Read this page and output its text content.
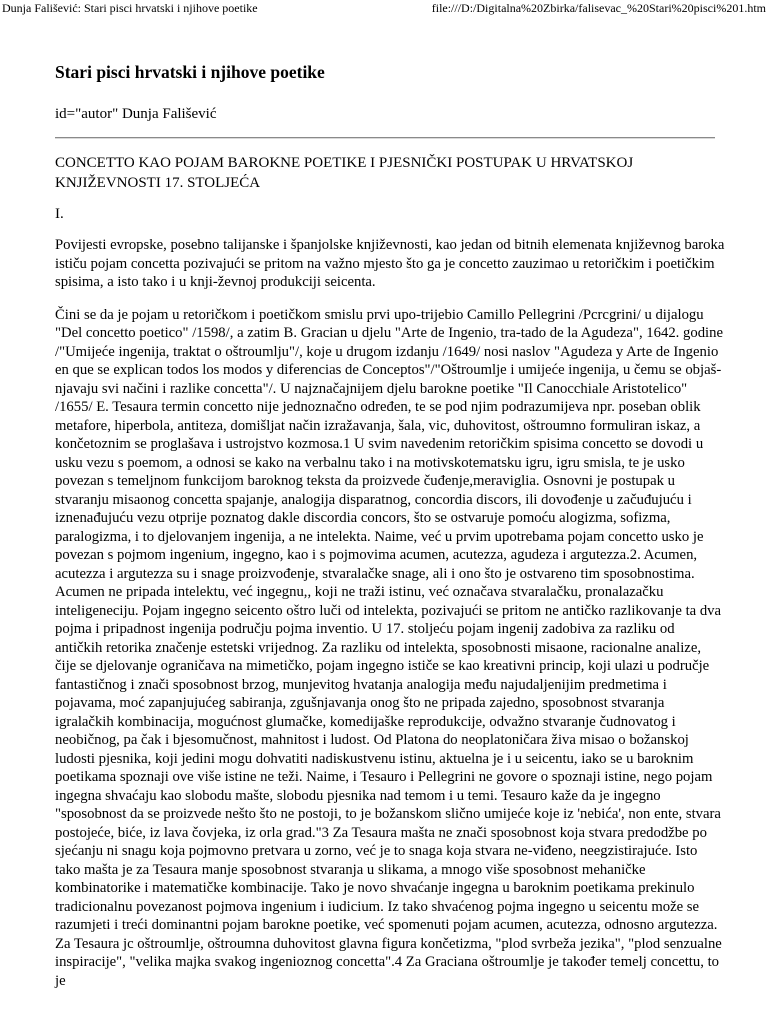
Dunja Fališević: Stari pisci hrvatski i njihove poetike	file:///D:/Digitalna%20Zbirka/falisevac_%20Stari%20pisci%201.htm
Stari pisci hrvatski i njihove poetike
id="autor" Dunja Fališević
CONCETTO KAO POJAM BAROKNE POETIKE I PJESNIČKI POSTUPAK U HRVATSKOJ KNJIŽEVNOSTI 17. STOLJEĆA
I.

Povijesti evropske, posebno talijanske i španjolske književnosti, kao jedan od bitnih elemenata književnog baroka ističu pojam concetta pozivajući se pritom na važno mjesto što ga je concetto zauzimao u retoričkim i poetičkim spisima, a isto tako i u knji-ževnoj produkciji seicenta.

Čini se da je pojam u retoričkom i poetičkom smislu prvi upo-trijebio Camillo Pellegrini /Pcrcgrini/ u dijalogu "Del concetto poetico" /1598/, a zatim B. Gracian u djelu "Arte de Ingenio, tra-tado de la Agudeza", 1642. godine /"Umijeće ingenija, traktat o oštroumlju"/, koje u drugom izdanju /1649/ nosi naslov "Agudeza y Arte de Ingenio en que se explican todos los modos y diferencias de Conceptos"/"Oštroumlje i umijeće ingenija, u čemu se objaš-njavaju svi načini i razlike concetta"/. U najznačajnijem djelu barokne poetike "Il Canocchiale Aristotelico" /1655/ E. Tesaura termin concetto nije jednoznačno određen, te se pod njim podrazumijeva npr. poseban oblik metafore, hiperbola, antiteza, domišljat način izražavanja, šala, vic, duhovitost, oštroumno formuliran iskaz, a končetoznim se proglašava i ustrojstvo kozmosa.1 U svim navedenim retoričkim spisima concetto se dovodi u usku vezu s poemom, a odnosi se kako na verbalnu tako i na motivskotematsku igru, igru smisla, te je usko povezan s temeljnom funkcijom baroknog teksta da proizvede čuđenje,meraviglia. Osnovni je postupak u stvaranju misaonog concetta spajanje, analogija disparatnog, concordia discors, ili dovođenje u začuđujuću i iznenađujuću vezu otprije poznatog dakle discordia concors, što se ostvaruje pomoću alogizma, sofizma, paralogizma, i to djelovanjem ingenija, a ne intelekta. Naime, već u prvim upotrebama pojam concetto usko je povezan s pojmom ingenium, ingegno, kao i s pojmovima acumen, acutezza, agudeza i argutezza.2. Acumen, acutezza i argutezza su i snage proizvođenje, stvaralačke snage, ali i ono što je ostvareno tim sposobnostima. Acumen ne pripada intelektu, već ingegnu,, koji ne traži istinu, već označava stvaralačku, pronalazačku inteligeneciju. Pojam ingegno seicento oštro luči od intelekta, pozivajući se pritom ne antičko razlikovanje ta dva pojma i pripadnost ingenija području pojma inventio. U 17. stoljeću pojam ingenij zadobiva za razliku od antičkih retorika značenje estetski vrijednog. Za razliku od intelekta, sposobnosti misaone, racionalne analize, čije se djelovanje ograničava na mimetičko, pojam ingegno ističe se kao kreativni princip, koji ulazi u područje fantastičnog i znači sposobnost brzog, munjevitog hvatanja analogija među najudaljenijim predmetima i pojavama, moć zapanjujućeg sabiranja, zgušnjavanja onog što ne pripada zajedno, sposobnost stvaranja igralačkih kombinacija, mogućnost glumačke, komedijaške reprodukcije, odvažno stvaranje čudnovatog i neobičnog, pa čak i bjesomučnost, mahnitost i ludost. Od Platona do neoplatoničara živa misao o božanskoj ludosti pjesnika, koji jedini mogu dohvatiti nadiskustvenu istinu, aktuelna je i u seicentu, iako se u baroknim poetikama spoznaji ove više istine ne teži. Naime, i Tesauro i Pellegrini ne govore o spoznaji istine, nego pojam ingegna shvaćaju kao slobodu mašte, slobodu pjesnika nad temom i u temi. Tesauro kaže da je ingegno "sposobnost da se proizvede nešto što ne postoji, to je božanskom slično umijeće koje iz 'nebića', non ente, stvara postojeće, biće, iz lava čovjeka, iz orla grad."3 Za Tesaura mašta ne znači sposobnost koja stvara predodžbe po sjećanju ni snagu koja pojmovno pretvara u zorno, već je to snaga koja stvara ne-viđeno, neegzistirajuće. Isto tako mašta je za Tesaura manje sposobnost stvaranja u slikama, a mnogo više sposobnost mehaničke kombinatorike i matematičke kombinacije. Tako je novo shvaćanje ingegna u baroknim poetikama prekinulo tradicionalnu povezanost pojmova ingenium i iudicium. Iz tako shvaćenog pojma ingegno u seicentu može se razumjeti i treći dominantni pojam barokne poetike, već spomenuti pojam acumen, acutezza, odnosno argutezza. Za Tesaura jc oštroumlje, oštroumna duhovitost glavna figura končetizma, "plod svrbeža jezika", "plod senzualne inspiracije", "velika majka svakog ingenioznog concetta".4 Za Graciana oštroumlje je također temelj concettu, to je
